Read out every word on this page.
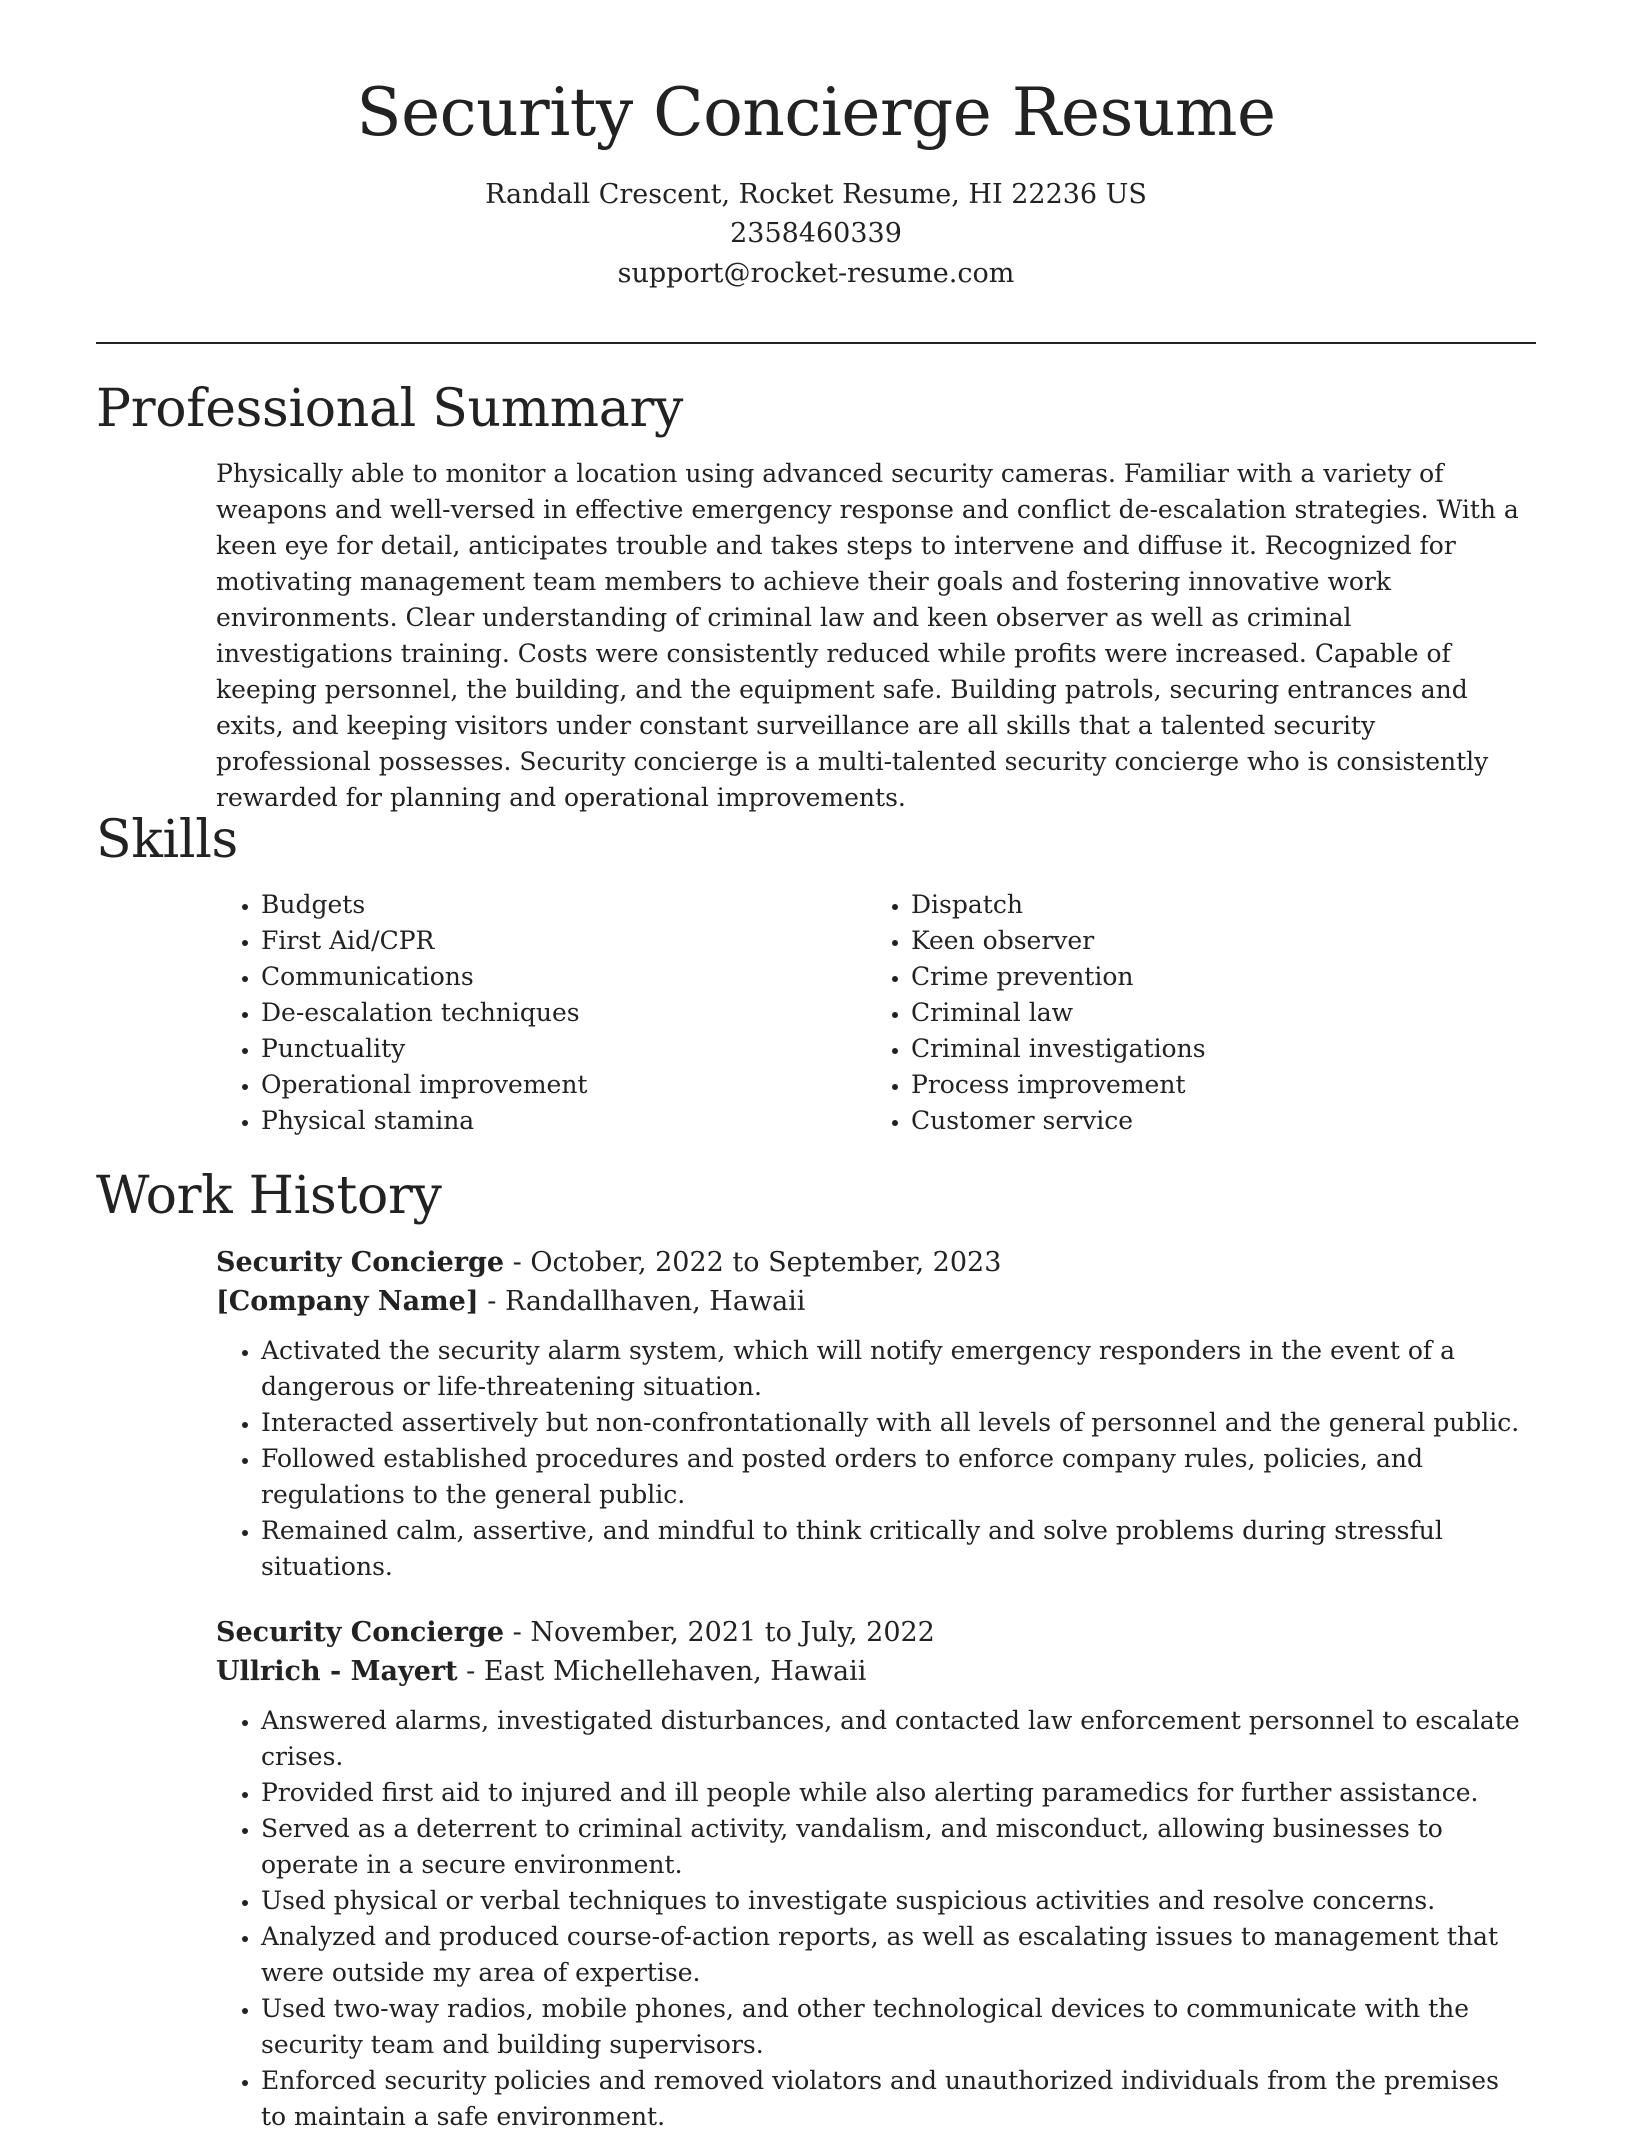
Security Concierge Resume
Randall Crescent, Rocket Resume, HI 22236 US
2358460339
support@rocket-resume.com
Professional Summary

Physically able to monitor a location using advanced security cameras. Familiar with a variety of weapons and well-versed in effective emergency response and conflict de-escalation strategies. With a keen eye for detail, anticipates trouble and takes steps to intervene and diffuse it. Recognized for motivating management team members to achieve their goals and fostering innovative work environments. Clear understanding of criminal law and keen observer as well as criminal investigations training. Costs were consistently reduced while profits were increased. Capable of keeping personnel, the building, and the equipment safe. Building patrols, securing entrances and exits, and keeping visitors under constant surveillance are all skills that a talented security professional possesses. Security concierge is a multi-talented security concierge who is consistently rewarded for planning and operational improvements.

Skills
• Budgets
• First Aid/CPR
• Communications
• De-escalation techniques
• Punctuality
• Operational improvement
• Physical stamina
• Dispatch
• Keen observer
• Crime prevention
• Criminal law
• Criminal investigations
• Process improvement
• Customer service
Work History
Security Concierge - October, 2022 to September, 2023
[Company Name] - Randallhaven, Hawaii
• Activated the security alarm system, which will notify emergency responders in the event of a dangerous or life-threatening situation.
• Interacted assertively but non-confrontationally with all levels of personnel and the general public.
• Followed established procedures and posted orders to enforce company rules, policies, and regulations to the general public.
• Remained calm, assertive, and mindful to think critically and solve problems during stressful situations.
Security Concierge - November, 2021 to July, 2022
Ullrich - Mayert - East Michellehaven, Hawaii
• Answered alarms, investigated disturbances, and contacted law enforcement personnel to escalate crises.
• Provided first aid to injured and ill people while also alerting paramedics for further assistance.
• Served as a deterrent to criminal activity, vandalism, and misconduct, allowing businesses to operate in a secure environment.
• Used physical or verbal techniques to investigate suspicious activities and resolve concerns.
• Analyzed and produced course-of-action reports, as well as escalating issues to management that were outside my area of expertise.
• Used two-way radios, mobile phones, and other technological devices to communicate with the security team and building supervisors.
• Enforced security policies and removed violators and unauthorized individuals from the premises to maintain a safe environment.
